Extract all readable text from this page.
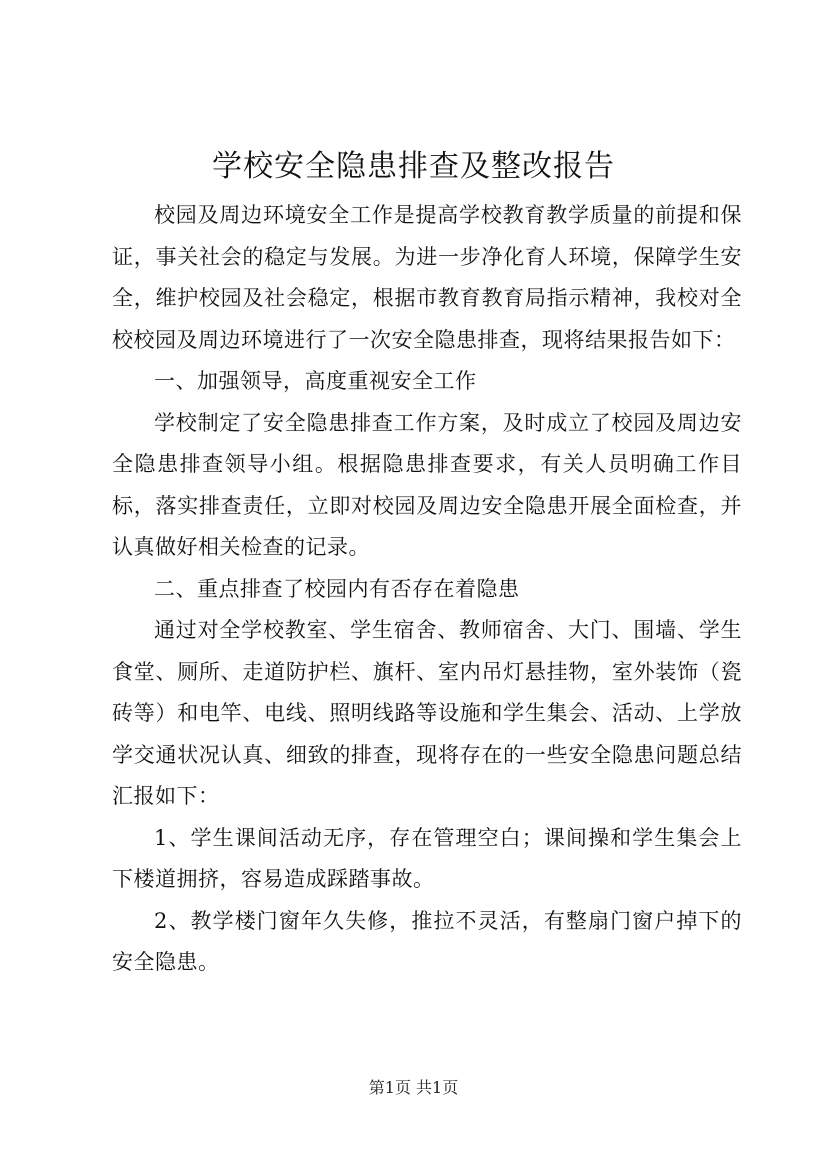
学校安全隐患排查及整改报告

校园及周边环境安全工作是提高学校教育教学质量的前提和保证，事关社会的稳定与发展。为进一步净化育人环境，保障学生安全，维护校园及社会稳定，根据市教育教育局指示精神，我校对全校校园及周边环境进行了一次安全隐患排查，现将结果报告如下：

一、加强领导，高度重视安全工作

学校制定了安全隐患排查工作方案，及时成立了校园及周边安全隐患排查领导小组。根据隐患排查要求，有关人员明确工作目标，落实排查责任，立即对校园及周边安全隐患开展全面检查，并认真做好相关检查的记录。

二、重点排查了校园内有否存在着隐患

通过对全学校教室、学生宿舍、教师宿舍、大门、围墙、学生食堂、厕所、走道防护栏、旗杆、室内吊灯悬挂物，室外装饰（瓷砖等）和电竿、电线、照明线路等设施和学生集会、活动、上学放学交通状况认真、细致的排查，现将存在的一些安全隐患问题总结汇报如下：

1、学生课间活动无序，存在管理空白；课间操和学生集会上下楼道拥挤，容易造成踩踏事故。

2、教学楼门窗年久失修，推拉不灵活，有整扇门窗户掉下的安全隐患。

第1页 共1页
